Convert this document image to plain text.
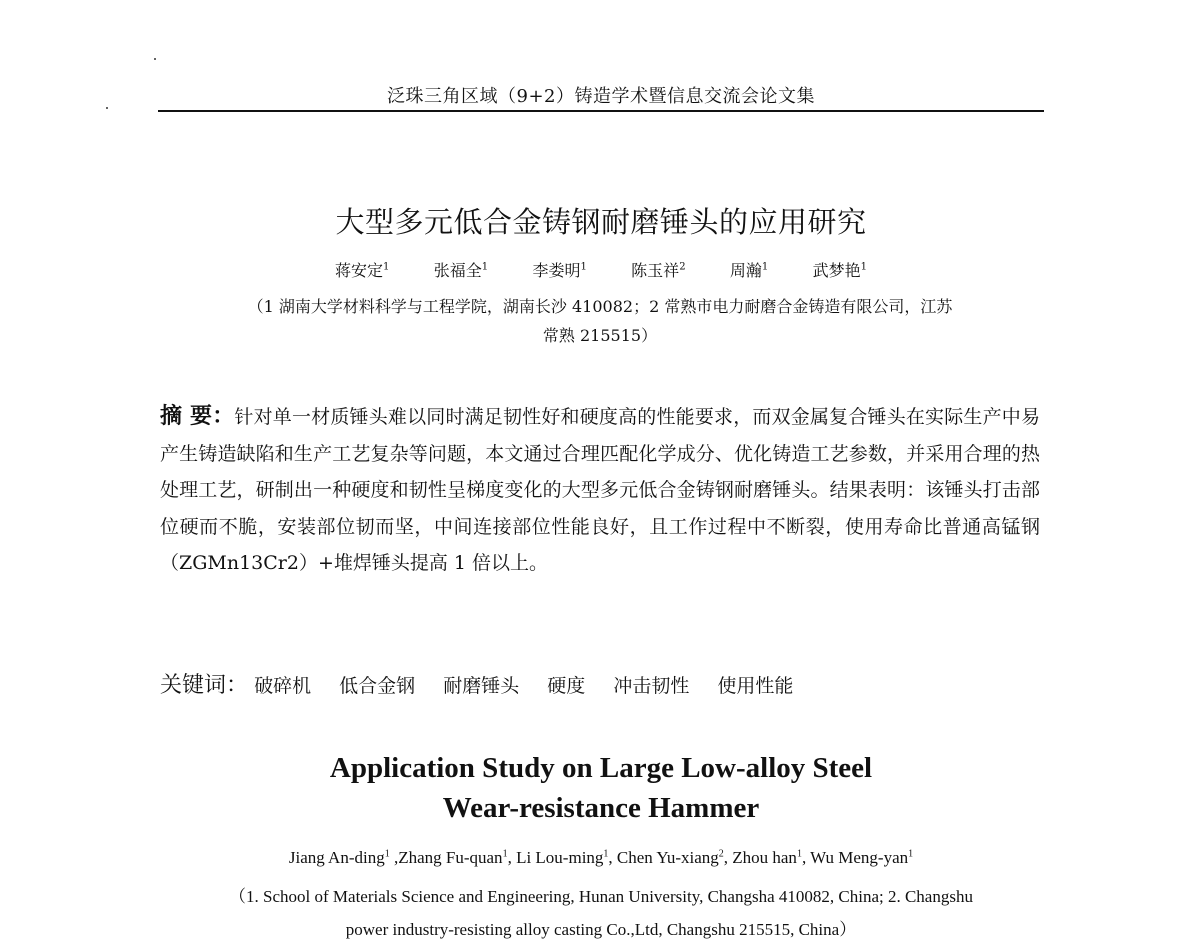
泛珠三角区域（9+2）铸造学术暨信息交流会论文集
大型多元低合金铸钢耐磨锤头的应用研究
蒋安定$^1$	张福全$^1$	李娄明$^1$	陈玉祥$^2$	周瀚$^1$	武梦艳$^1$
（1 湖南大学材料科学与工程学院，湖南长沙 410082；2 常熟市电力耐磨合金铸造有限公司，江苏
常熟 215515）
摘 要：针对单一材质锤头难以同时满足韧性好和硬度高的性能要求，而双金属复合锤头在实际生产中易产生铸造缺陷和生产工艺复杂等问题，本文通过合理匹配化学成分、优化铸造工艺参数，并采用合理的热处理工艺，研制出一种硬度和韧性呈梯度变化的大型多元低合金铸钢耐磨锤头。结果表明：该锤头打击部位硬而不脆，安装部位韧而坚，中间连接部位性能良好，且工作过程中不断裂，使用寿命比普通高锰钢（ZGMn13Cr2）+堆焊锤头提高 1 倍以上。
关键词： 破碎机 低合金钢 耐磨锤头 硬度 冲击韧性 使用性能
Application Study on Large Low-alloy Steel
Wear-resistance Hammer
Jiang An-ding$^1$ ,Zhang Fu-quan$^1$, Li Lou-ming$^1$, Chen Yu-xiang$^2$, Zhou han$^1$, Wu Meng-yan$^1$
（1. School of Materials Science and Engineering, Hunan University, Changsha 410082, China; 2. Changshu
power industry-resisting alloy casting Co.,Ltd, Changshu 215515, China）
